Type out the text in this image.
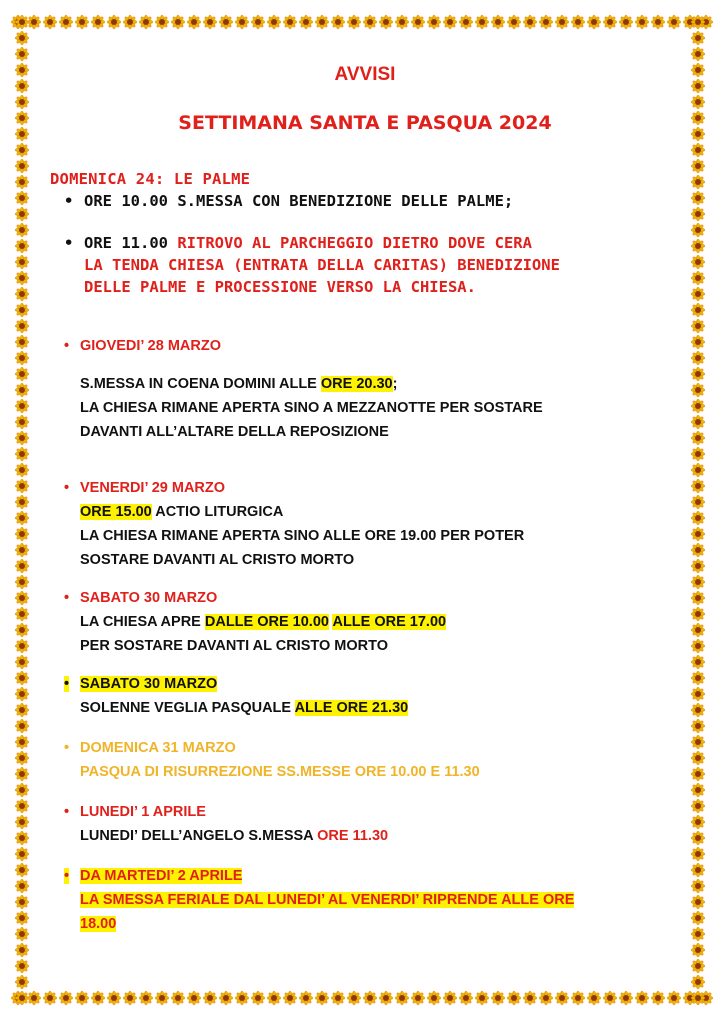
AVVISI
SETTIMANA SANTA E PASQUA 2024
DOMENICA 24: LE PALME
• ORE 10.00 S.MESSA CON BENEDIZIONE DELLE PALME;
• ORE 11.00 RITROVO AL PARCHEGGIO DIETRO DOVE CERA
LA TENDA CHIESA (ENTRATA DELLA CARITAS) BENEDIZIONE
DELLE PALME E PROCESSIONE VERSO LA CHIESA.
• GIOVEDI’ 28 MARZO
S.MESSA IN COENA DOMINI ALLE ORE 20.30;
LA CHIESA RIMANE APERTA SINO A MEZZANOTTE PER SOSTARE
DAVANTI ALL’ALTARE DELLA REPOSIZIONE
• VENERDI’ 29 MARZO
ORE 15.00 ACTIO LITURGICA
LA CHIESA RIMANE APERTA SINO ALLE ORE 19.00 PER POTER
SOSTARE DAVANTI AL CRISTO MORTO
• SABATO 30 MARZO
LA CHIESA APRE DALLE ORE 10.00 ALLE ORE 17.00
PER SOSTARE DAVANTI AL CRISTO MORTO
• SABATO 30 MARZO
SOLENNE VEGLIA PASQUALE ALLE ORE 21.30
• DOMENICA 31 MARZO
PASQUA DI RISURREZIONE SS.MESSE ORE 10.00 E 11.30
• LUNEDI’ 1 APRILE
LUNEDI’ DELL’ANGELO S.MESSA ORE 11.30
• DA MARTEDI’ 2 APRILE
LA SMESSA FERIALE DAL LUNEDI’ AL VENERDI’ RIPRENDE ALLE ORE
18.00
